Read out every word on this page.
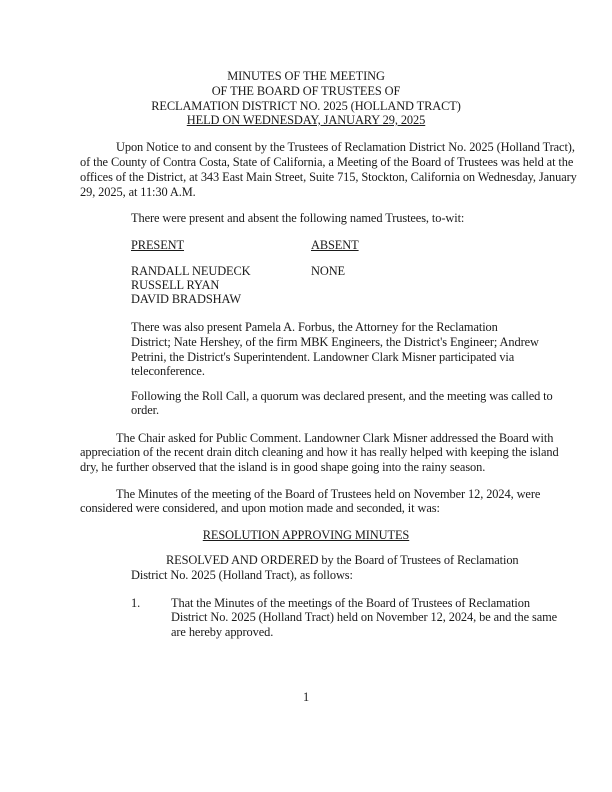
MINUTES OF THE MEETING
OF THE BOARD OF TRUSTEES OF
RECLAMATION DISTRICT NO. 2025 (HOLLAND TRACT)
HELD ON WEDNESDAY, JANUARY 29, 2025
Upon Notice to and consent by the Trustees of Reclamation District No. 2025 (Holland Tract),
of the County of Contra Costa, State of California, a Meeting of the Board of Trustees was held at the
offices of the District, at 343 East Main Street, Suite 715, Stockton, California on Wednesday, January
29, 2025, at 11:30 A.M.
There were present and absent the following named Trustees, to-wit:
PRESENT	ABSENT
RANDALL NEUDECK
RUSSELL RYAN
DAVID BRADSHAW
NONE
There was also present Pamela A. Forbus, the Attorney for the Reclamation
District; Nate Hershey, of the firm MBK Engineers, the District's Engineer; Andrew
Petrini, the District's Superintendent. Landowner Clark Misner participated via
teleconference.
Following the Roll Call, a quorum was declared present, and the meeting was called to
order.
The Chair asked for Public Comment. Landowner Clark Misner addressed the Board with
appreciation of the recent drain ditch cleaning and how it has really helped with keeping the island
dry, he further observed that the island is in good shape going into the rainy season.
The Minutes of the meeting of the Board of Trustees held on November 12, 2024, were
considered were considered, and upon motion made and seconded, it was:
RESOLUTION APPROVING MINUTES
RESOLVED AND ORDERED by the Board of Trustees of Reclamation
District No. 2025 (Holland Tract), as follows:
1. That the Minutes of the meetings of the Board of Trustees of Reclamation
District No. 2025 (Holland Tract) held on November 12, 2024, be and the same
are hereby approved.
1
